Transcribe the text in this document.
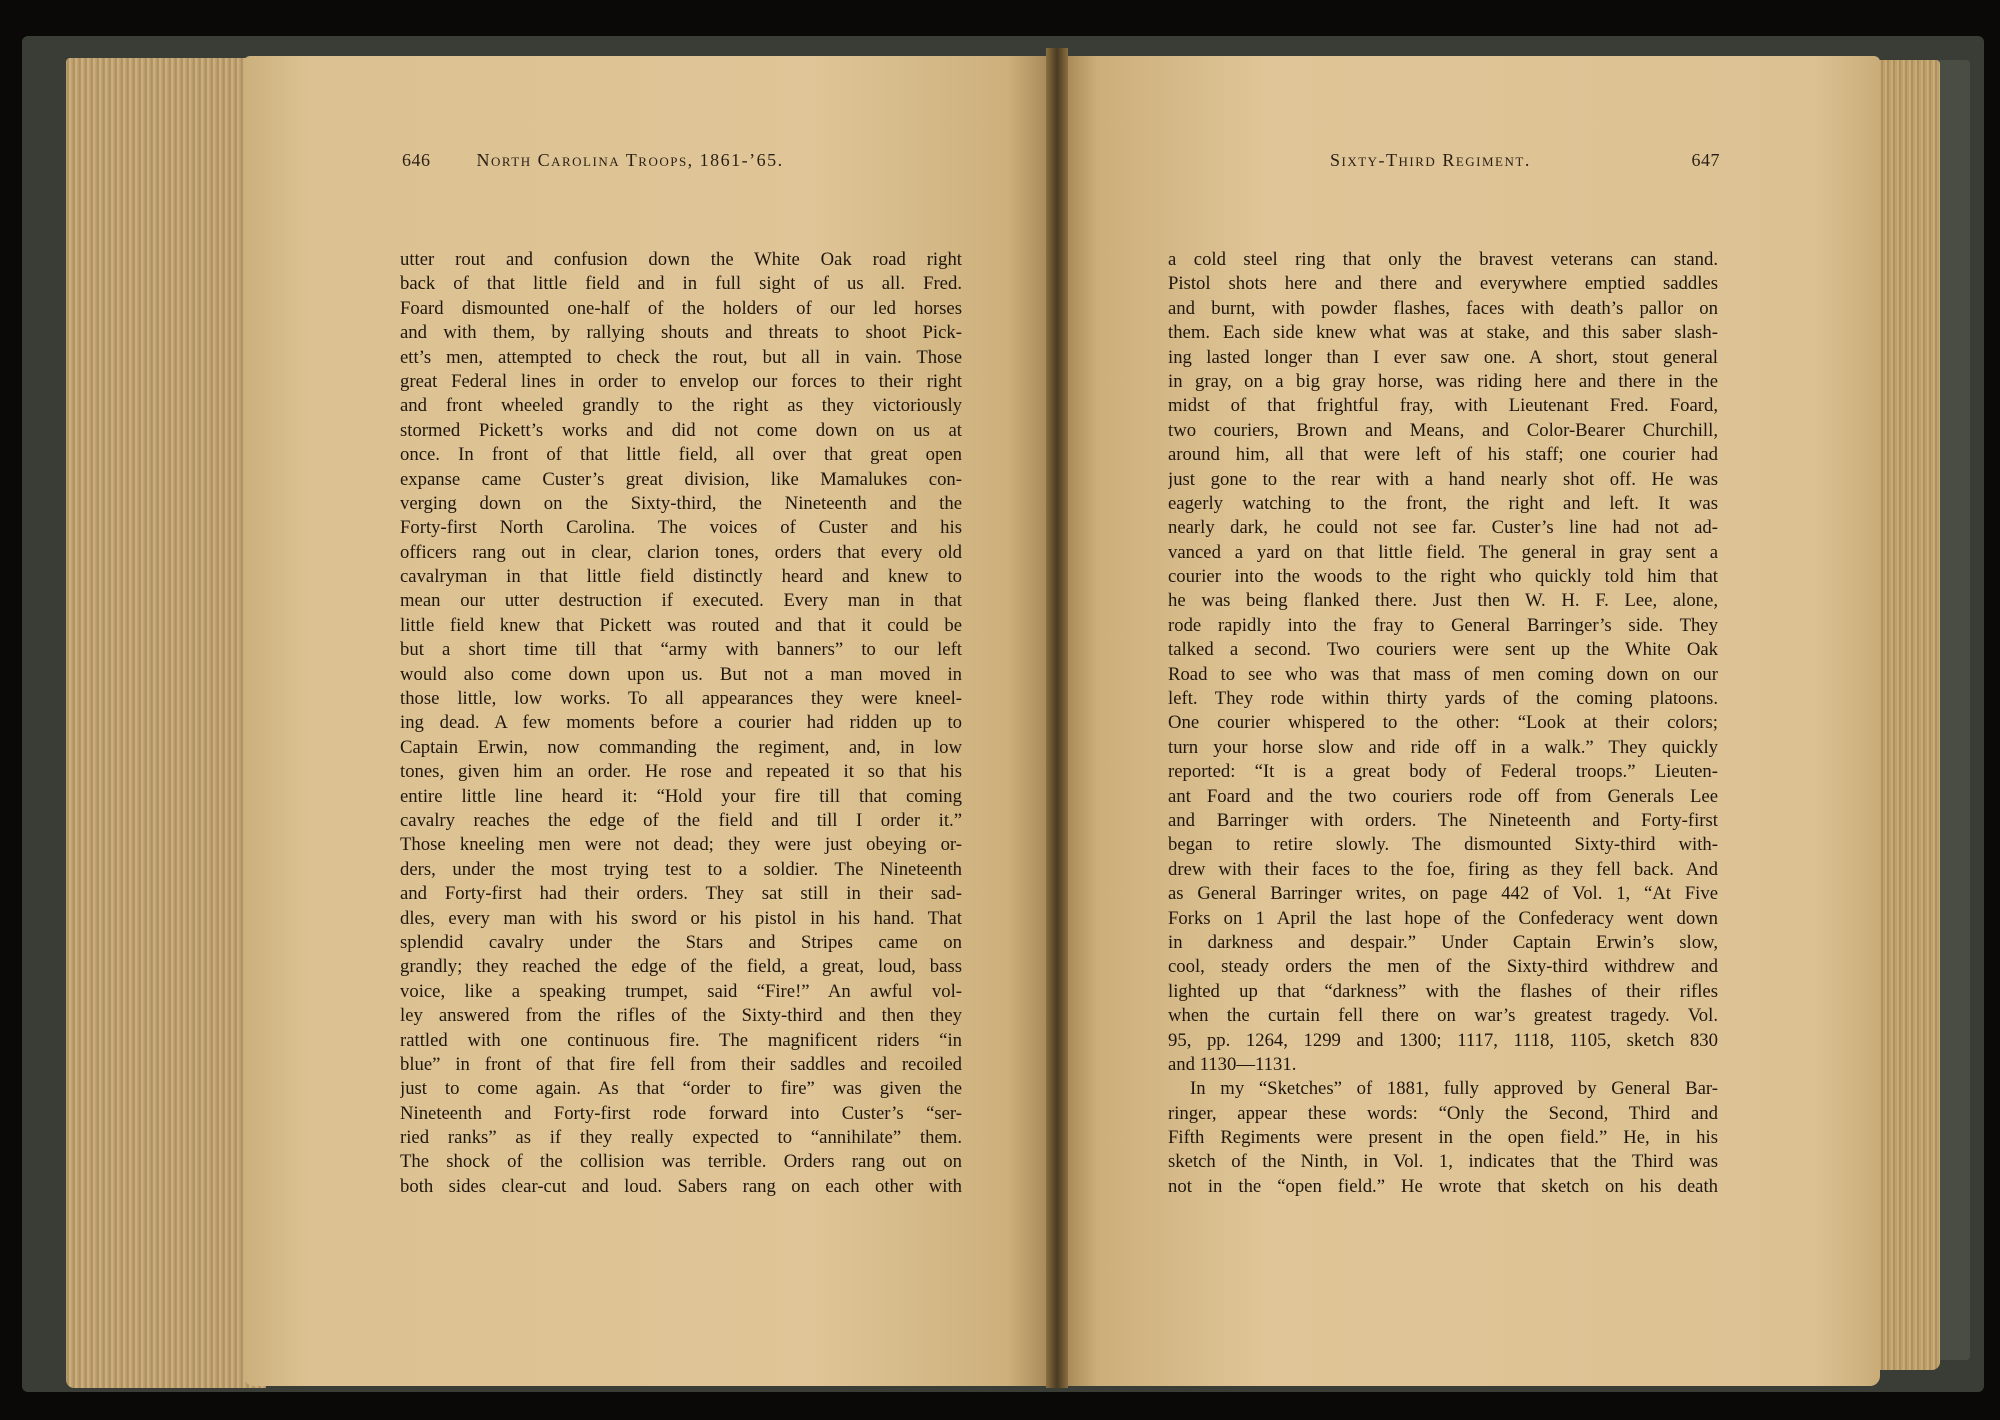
646	North Carolina Troops, 1861-’65.	Sixty-Third Regiment.	647
utter rout and confusion down the White Oak road right
back of that little field and in full sight of us all. Fred.
Foard dismounted one-half of the holders of our led horses
and with them, by rallying shouts and threats to shoot Pick-
ett’s men, attempted to check the rout, but all in vain. Those
great Federal lines in order to envelop our forces to their right
and front wheeled grandly to the right as they victoriously
stormed Pickett’s works and did not come down on us at
once. In front of that little field, all over that great open
expanse came Custer’s great division, like Mamalukes con-
verging down on the Sixty-third, the Nineteenth and the
Forty-first North Carolina. The voices of Custer and his
officers rang out in clear, clarion tones, orders that every old
cavalryman in that little field distinctly heard and knew to
mean our utter destruction if executed. Every man in that
little field knew that Pickett was routed and that it could be
but a short time till that “army with banners” to our left
would also come down upon us. But not a man moved in
those little, low works. To all appearances they were kneel-
ing dead. A few moments before a courier had ridden up to
Captain Erwin, now commanding the regiment, and, in low
tones, given him an order. He rose and repeated it so that his
entire little line heard it: “Hold your fire till that coming
cavalry reaches the edge of the field and till I order it.”
Those kneeling men were not dead; they were just obeying or-
ders, under the most trying test to a soldier. The Nineteenth
and Forty-first had their orders. They sat still in their sad-
dles, every man with his sword or his pistol in his hand. That
splendid cavalry under the Stars and Stripes came on
grandly; they reached the edge of the field, a great, loud, bass
voice, like a speaking trumpet, said “Fire!” An awful vol-
ley answered from the rifles of the Sixty-third and then they
rattled with one continuous fire. The magnificent riders “in
blue” in front of that fire fell from their saddles and recoiled
just to come again. As that “order to fire” was given the
Nineteenth and Forty-first rode forward into Custer’s “ser-
ried ranks” as if they really expected to “annihilate” them.
The shock of the collision was terrible. Orders rang out on
both sides clear-cut and loud. Sabers rang on each other with
a cold steel ring that only the bravest veterans can stand.
Pistol shots here and there and everywhere emptied saddles
and burnt, with powder flashes, faces with death’s pallor on
them. Each side knew what was at stake, and this saber slash-
ing lasted longer than I ever saw one. A short, stout general
in gray, on a big gray horse, was riding here and there in the
midst of that frightful fray, with Lieutenant Fred. Foard,
two couriers, Brown and Means, and Color-Bearer Churchill,
around him, all that were left of his staff; one courier had
just gone to the rear with a hand nearly shot off. He was
eagerly watching to the front, the right and left. It was
nearly dark, he could not see far. Custer’s line had not ad-
vanced a yard on that little field. The general in gray sent a
courier into the woods to the right who quickly told him that
he was being flanked there. Just then W. H. F. Lee, alone,
rode rapidly into the fray to General Barringer’s side. They
talked a second. Two couriers were sent up the White Oak
Road to see who was that mass of men coming down on our
left. They rode within thirty yards of the coming platoons.
One courier whispered to the other: “Look at their colors;
turn your horse slow and ride off in a walk.” They quickly
reported: “It is a great body of Federal troops.” Lieuten-
ant Foard and the two couriers rode off from Generals Lee
and Barringer with orders. The Nineteenth and Forty-first
began to retire slowly. The dismounted Sixty-third with-
drew with their faces to the foe, firing as they fell back. And
as General Barringer writes, on page 442 of Vol. 1, “At Five
Forks on 1 April the last hope of the Confederacy went down
in darkness and despair.” Under Captain Erwin’s slow,
cool, steady orders the men of the Sixty-third withdrew and
lighted up that “darkness” with the flashes of their rifles
when the curtain fell there on war’s greatest tragedy. Vol.
95, pp. 1264, 1299 and 1300; 1117, 1118, 1105, sketch 830
and 1130—1131.
In my “Sketches” of 1881, fully approved by General Bar-
ringer, appear these words: “Only the Second, Third and
Fifth Regiments were present in the open field.” He, in his
sketch of the Ninth, in Vol. 1, indicates that the Third was
not in the “open field.” He wrote that sketch on his death
